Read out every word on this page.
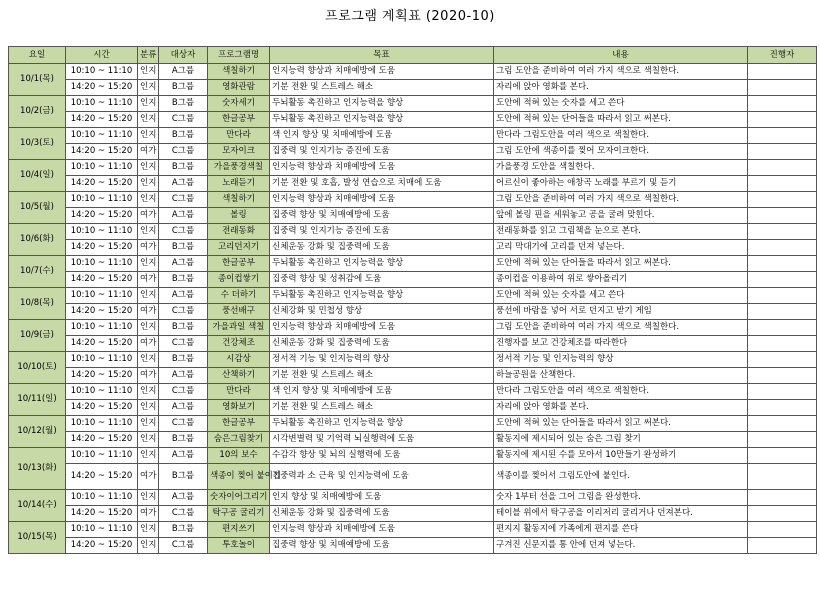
프로그램 계획표 (2020-10)
요일	시간	분류	대상자	프로그램명	목표	내용	진행자
10/1(목)	10:10 ~ 11:10	인지	A그룹	색칠하기	인지능력 향상과 치매예방에 도움	그림 도안을 준비하여 여러 가지 색으로 색칠한다.	
	14:20 ~ 15:20	인지	B그룹	영화관람	기분 전환 및 스트레스 해소	자리에 앉아 영화를 본다.	
10/2(금)	10:10 ~ 11:10	인지	B그룹	숫자세기	두뇌활동 촉진하고 인지능력을 향상	도안에 적혀 있는 숫자를 세고 쓴다	
	14:20 ~ 15:20	인지	C그룹	한글공부	두뇌활동 촉진하고 인지능력을 향상	도안에 적혀 있는 단어들을 따라서 읽고 써본다.	
10/3(토)	10:10 ~ 11:10	인지	B그룹	만다라	색 인지 향상 및 치매예방에 도움	만다라 그림도안을 여러 색으로 색칠한다.	
	14:20 ~ 15:20	여가	C그룹	모자이크	집중력 및 인지기능 증진에 도움	그림 도안에 색종이를 찢어 모자이크한다.	
10/4(일)	10:10 ~ 11:10	인지	B그룹	가을풍경색칠	인지능력 향상과 치매예방에 도움	가을풍경 도안을 색칠한다.	
	14:20 ~ 15:20	인지	A그룹	노래듣기	기분 전환 및 호흡, 발성 연습으로 치매에 도움	어르신이 좋아하는 애창곡 노래를 부르기 및 듣기	
10/5(월)	10:10 ~ 11:10	인지	C그룹	색칠하기	인지능력 향상과 치매예방에 도움	그림 도안을 준비하여 여러 가지 색으로 색칠한다.	
	14:20 ~ 15:20	여가	A그룹	볼링	집중력 향상 및 치매예방에 도움	앞에 볼링 핀을 세워놓고 공을 굴려 맞힌다.	
10/6(화)	10:10 ~ 11:10	인지	C그룹	전래동화	집중력 및 인지기능 증진에 도움	전래동화를 읽고 그림책을 눈으로 본다.	
	14:20 ~ 15:20	여가	B그룹	고리던지기	신체운동 강화 및 집중력에 도움	고리 막대기에 고리를 던져 넣는다.	
10/7(수)	10:10 ~ 11:10	인지	A그룹	한글공부	두뇌활동 촉진하고 인지능력을 향상	도안에 적혀 있는 단어들을 따라서 읽고 써본다.	
	14:20 ~ 15:20	여가	B그룹	종이컵쌓기	집중력 향상 및 성취감에 도움	종이컵을 이용하여 위로 쌓아올리기	
10/8(목)	10:10 ~ 11:10	인지	A그룹	수 더하기	두뇌활동 촉진하고 인지능력을 향상	도안에 적혀 있는 숫자를 세고 쓴다	
	14:20 ~ 15:20	여가	C그룹	풍선배구	신체강화 및 민첩성 향상	풍선에 바람을 넣어 서로 던지고 받기 게임	
10/9(금)	10:10 ~ 11:10	인지	B그룹	가을과일 색칠	인지능력 향상과 치매예방에 도움	그림 도안을 준비하여 여러 가지 색으로 색칠한다.	
	14:20 ~ 15:20	여가	C그룹	건강체조	신체운동 강화 및 집중력에 도움	진행자를 보고 건강체조를 따라한다	
10/10(토)	10:10 ~ 11:10	인지	B그룹	시감상	정서적 기능 및 인지능력의 향상	정서적 기능 및 인지능력의 향상	
	14:20 ~ 15:20	여가	A그룹	산책하기	기분 전환 및 스트레스 해소	하늘공원을 산책한다.	
10/11(일)	10:10 ~ 11:10	인지	C그룹	만다라	색 인지 향상 및 치매예방에 도움	만다라 그림도안을 여러 색으로 색칠한다.	
	14:20 ~ 15:20	인지	A그룹	영화보기	기분 전환 및 스트레스 해소	자리에 앉아 영화를 본다.	
10/12(월)	10:10 ~ 11:10	인지	C그룹	한글공부	두뇌활동 촉진하고 인지능력을 향상	도안에 적혀 있는 단어들을 따라서 읽고 써본다.	
	14:20 ~ 15:20	인지	B그룹	숨은그림찾기	시각변별력 및 기억력 뇌실행력에 도움	활동지에 제시되어 있는 숨은 그림 찾기	
10/13(화)	10:10 ~ 11:10	인지	A그룹	10의 보수	수감각 향상 및 뇌의 실행력에 도움	활동지에 제시된 수를 모아서 10만들기 완성하기	
	14:20 ~ 15:20	여가	B그룹	색종이 찢어 붙이기	집중력과 소 근육 및 인지능력에 도움	색종이를 찢어서 그림도안에 붙인다.	
10/14(수)	10:10 ~ 11:10	인지	A그룹	숫자이어그리기	인지 향상 및 치매예방에 도움	숫자 1부터 선을 그어 그림을 완성한다.	
	14:20 ~ 15:20	여가	C그룹	탁구공 굴리기	신체운동 강화 및 집중력에 도움	테이블 위에서 탁구공을 이리저리 굴리거나 던져본다.	
10/15(목)	10:10 ~ 11:10	인지	B그룹	편지쓰기	인지능력 향상과 치매예방에 도움	편지지 활동지에 가족에게 편지를 쓴다	
	14:20 ~ 15:20	인지	C그룹	투호놀이	집중력 향상 및 치매예방에 도움	구겨진 신문지를 통 안에 던져 넣는다.	
